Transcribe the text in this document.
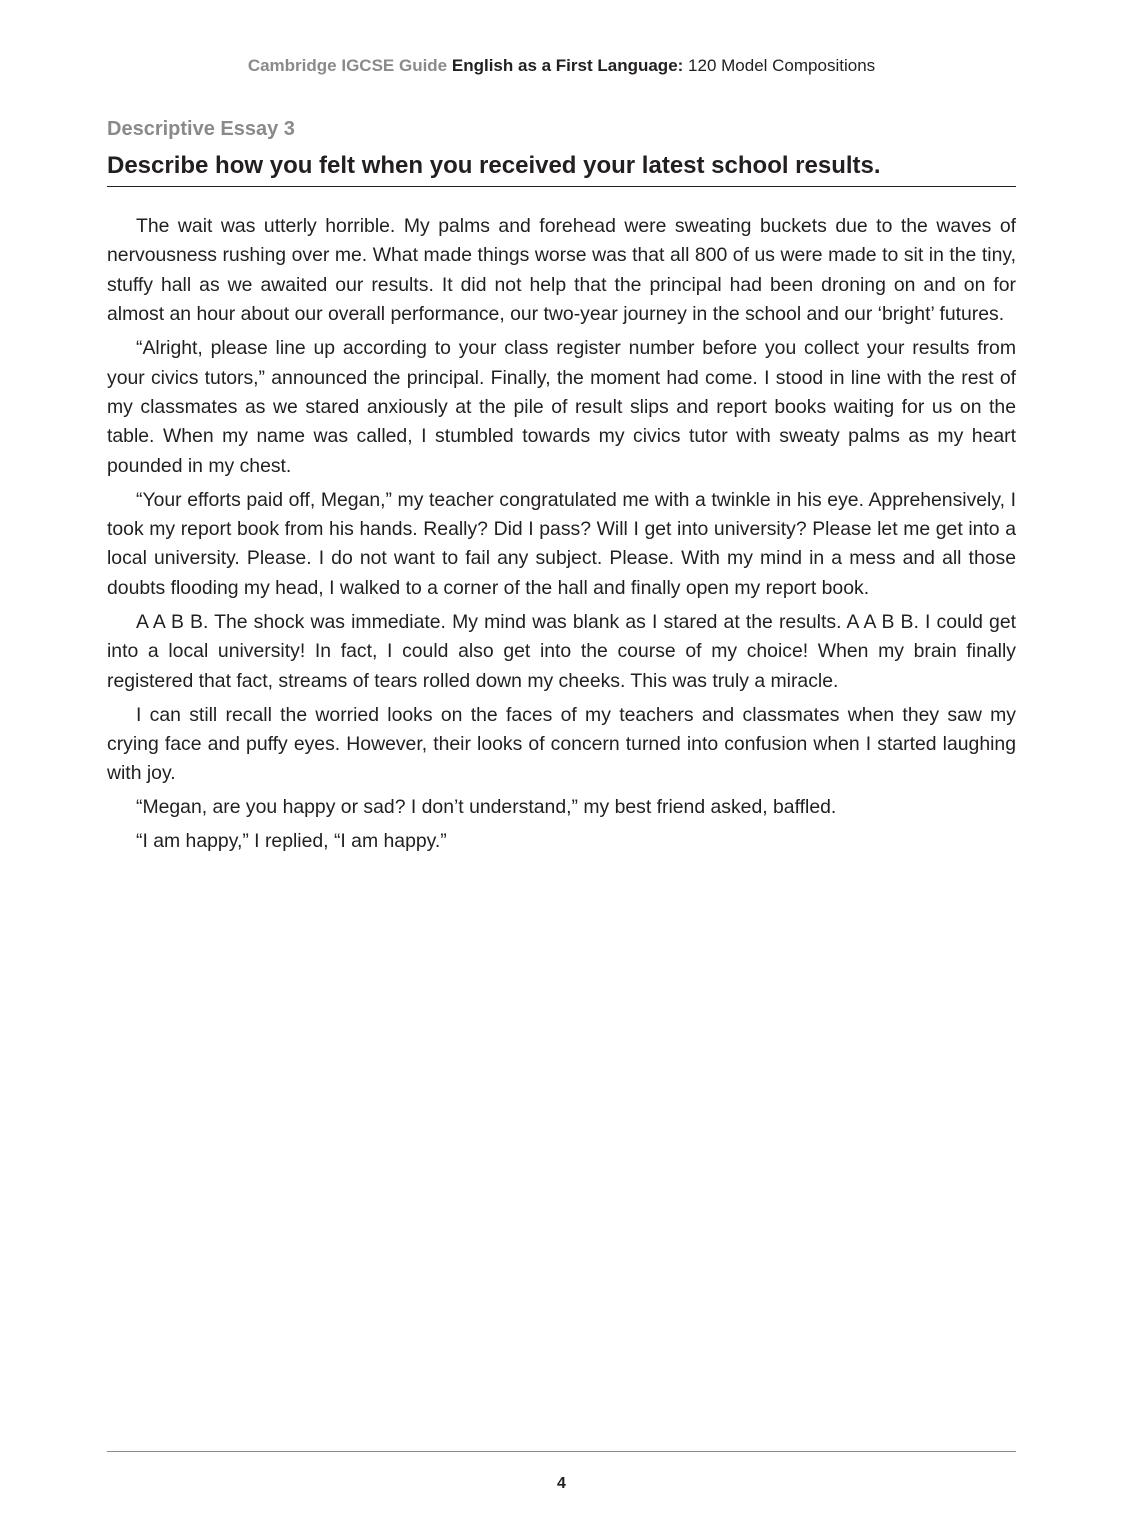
Cambridge IGCSE Guide English as a First Language: 120 Model Compositions
Descriptive Essay 3
Describe how you felt when you received your latest school results.

The wait was utterly horrible. My palms and forehead were sweating buckets due to the waves of nervousness rushing over me. What made things worse was that all 800 of us were made to sit in the tiny, stuffy hall as we awaited our results. It did not help that the principal had been droning on and on for almost an hour about our overall performance, our two-year journey in the school and our ‘bright’ futures.

“Alright, please line up according to your class register number before you collect your results from your civics tutors,” announced the principal. Finally, the moment had come. I stood in line with the rest of my classmates as we stared anxiously at the pile of result slips and report books waiting for us on the table. When my name was called, I stumbled towards my civics tutor with sweaty palms as my heart pounded in my chest.

“Your efforts paid off, Megan,” my teacher congratulated me with a twinkle in his eye. Apprehensively, I took my report book from his hands. Really? Did I pass? Will I get into university? Please let me get into a local university. Please. I do not want to fail any subject. Please. With my mind in a mess and all those doubts flooding my head, I walked to a corner of the hall and finally open my report book.

A A B B. The shock was immediate. My mind was blank as I stared at the results. A A B B. I could get into a local university! In fact, I could also get into the course of my choice! When my brain finally registered that fact, streams of tears rolled down my cheeks. This was truly a miracle.

I can still recall the worried looks on the faces of my teachers and classmates when they saw my crying face and puffy eyes. However, their looks of concern turned into confusion when I started laughing with joy.

“Megan, are you happy or sad? I don’t understand,” my best friend asked, baffled.

“I am happy,” I replied, “I am happy.”

4
